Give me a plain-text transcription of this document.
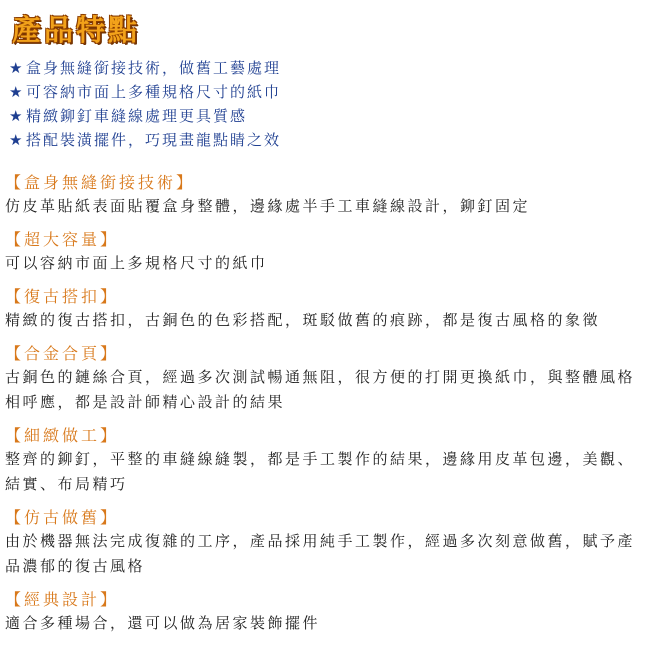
產品特點
★ 盒身無縫銜接技術，做舊工藝處理
★ 可容納市面上多種規格尺寸的紙巾
★ 精緻鉚釘車縫線處理更具質感
★ 搭配裝潢擺件，巧現畫龍點睛之效
【盒身無縫銜接技術】
仿皮革貼紙表面貼覆盒身整體，邊緣處半手工車縫線設計，鉚釘固定
【超大容量】
可以容納市面上多規格尺寸的紙巾
【復古搭扣】
精緻的復古搭扣，古銅色的色彩搭配，斑駁做舊的痕跡，都是復古風格的象徵
【合金合頁】
古銅色的鏈絲合頁，經過多次測試暢通無阻，很方便的打開更換紙巾，與整體風格相呼應，都是設計師精心設計的結果
【細緻做工】
整齊的鉚釘，平整的車縫線縫製，都是手工製作的結果，邊緣用皮革包邊，美觀、結實、布局精巧
【仿古做舊】
由於機器無法完成復雜的工序，產品採用純手工製作，經過多次刻意做舊，賦予產品濃郁的復古風格
【經典設計】
適合多種場合，還可以做為居家裝飾擺件
